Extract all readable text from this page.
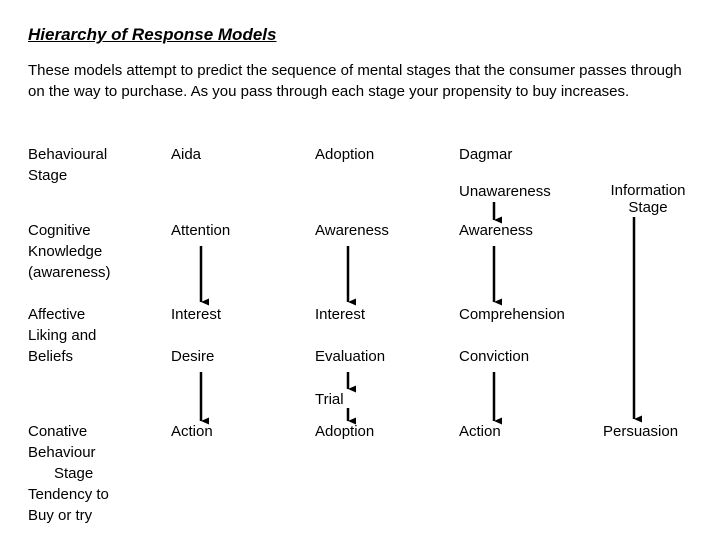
Hierarchy of Response Models
These models attempt to predict the sequence of mental stages that the consumer passes through on the way to purchase. As you pass through each stage your propensity to buy increases.
Behavioural
Stage
Aida	Adoption	Dagmar
Cognitive
Knowledge
(awareness)
Affective
Liking and
Beliefs
Conative
Behaviour
Stage
Tendency to
Buy or try
Attention
Interest
Desire
Action
Awareness
Interest
Evaluation
Trial
Adoption
Unawareness
Awareness
Comprehension
Conviction
Action
Information
Stage
Persuasion
